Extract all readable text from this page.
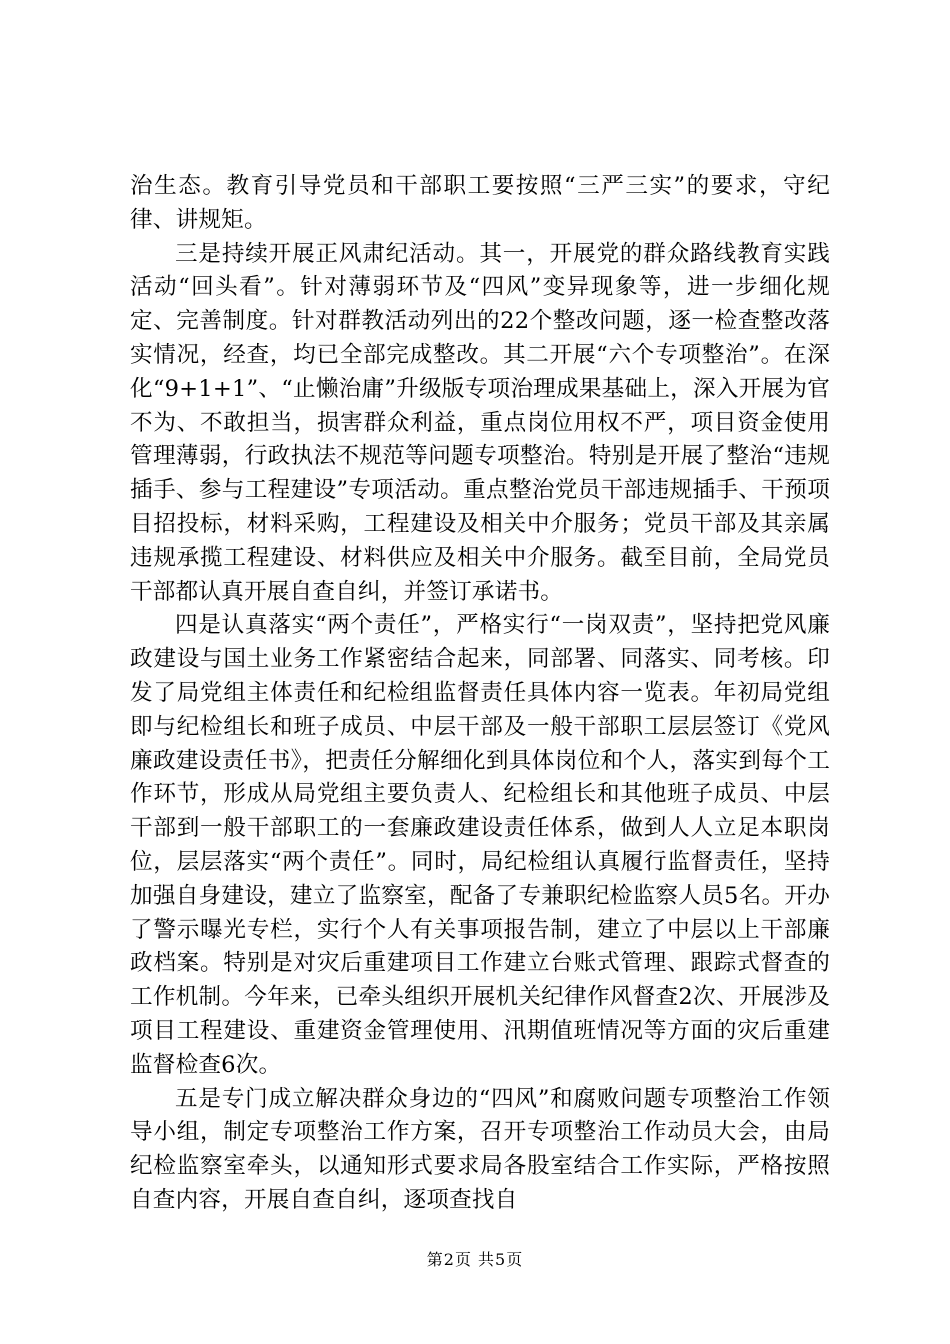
治生态。教育引导党员和干部职工要按照“三严三实”的要求，守纪律、讲规矩。

三是持续开展正风肃纪活动。其一，开展党的群众路线教育实践活动“回头看”。针对薄弱环节及“四风”变异现象等，进一步细化规定、完善制度。针对群教活动列出的22个整改问题，逐一检查整改落实情况，经查，均已全部完成整改。其二开展“六个专项整治”。在深化“9+1+1”、“止懒治庸”升级版专项治理成果基础上，深入开展为官不为、不敢担当，损害群众利益，重点岗位用权不严，项目资金使用管理薄弱，行政执法不规范等问题专项整治。特别是开展了整治“违规插手、参与工程建设”专项活动。重点整治党员干部违规插手、干预项目招投标，材料采购，工程建设及相关中介服务；党员干部及其亲属违规承揽工程建设、材料供应及相关中介服务。截至目前，全局党员干部都认真开展自查自纠，并签订承诺书。

四是认真落实“两个责任”，严格实行“一岗双责”，坚持把党风廉政建设与国土业务工作紧密结合起来，同部署、同落实、同考核。印发了局党组主体责任和纪检组监督责任具体内容一览表。年初局党组即与纪检组长和班子成员、中层干部及一般干部职工层层签订《党风廉政建设责任书》，把责任分解细化到具体岗位和个人，落实到每个工作环节，形成从局党组主要负责人、纪检组长和其他班子成员、中层干部到一般干部职工的一套廉政建设责任体系，做到人人立足本职岗位，层层落实“两个责任”。同时，局纪检组认真履行监督责任，坚持加强自身建设，建立了监察室，配备了专兼职纪检监察人员5名。开办了警示曝光专栏，实行个人有关事项报告制，建立了中层以上干部廉政档案。特别是对灾后重建项目工作建立台账式管理、跟踪式督查的工作机制。今年来，已牵头组织开展机关纪律作风督查2次、开展涉及项目工程建设、重建资金管理使用、汛期值班情况等方面的灾后重建监督检查6次。

五是专门成立解决群众身边的“四风”和腐败问题专项整治工作领导小组，制定专项整治工作方案，召开专项整治工作动员大会，由局纪检监察室牵头，以通知形式要求局各股室结合工作实际，严格按照自查内容，开展自查自纠，逐项查找自

第2页 共5页
